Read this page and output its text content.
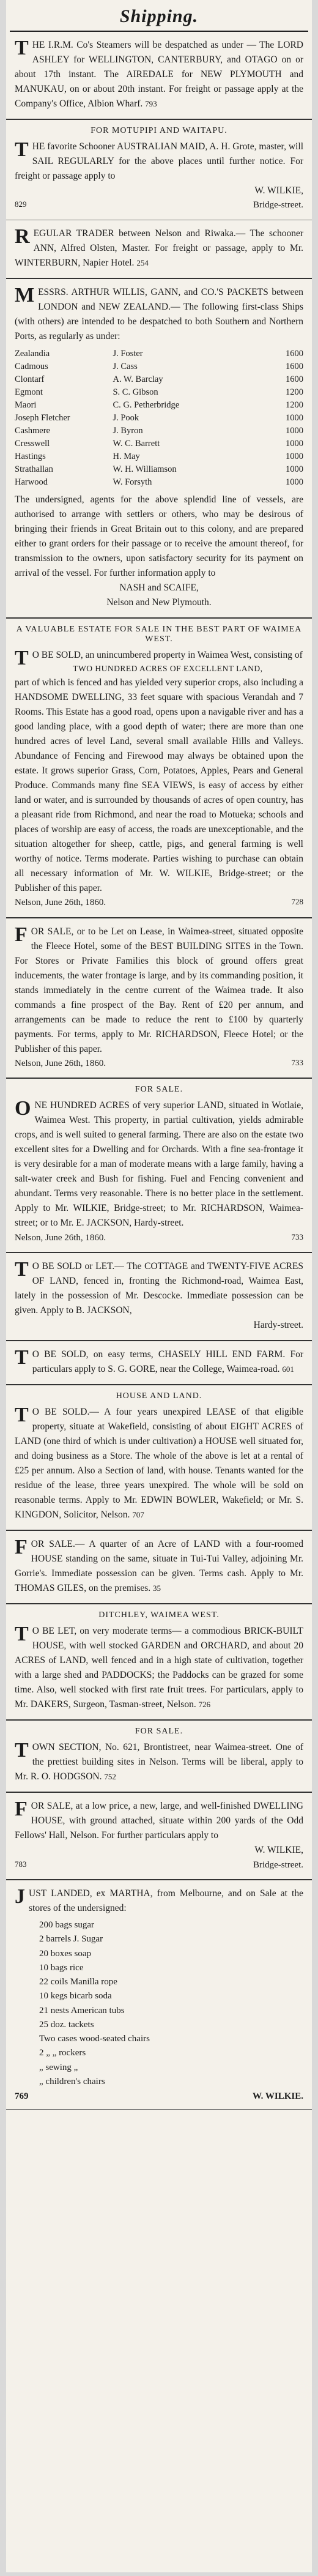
Shipping.

THE I.R.M. Co's Steamers will be despatched as under — The LORD ASHLEY for WELLINGTON, CANTERBURY, and OTAGO on or about 17th instant. The AIREDALE for NEW PLYMOUTH and MANUKAU, on or about 20th instant. For freight or passage apply at the Company's Office, Albion Wharf. 793

FOR MOTUPIPI AND WAITAPU.

THE favorite Schooner AUSTRALIAN MAID, A. H. Grote, master, will SAIL REGULARLY for the above places until further notice. For freight or passage apply to

W. WILKIE,

829	Bridge-street.

REGULAR TRADER between Nelson and Riwaka.— The schooner ANN, Alfred Olsten, Master. For freight or passage, apply to Mr. WINTERBURN, Napier Hotel. 254

MESSRS. ARTHUR WILLIS, GANN, and CO.'S PACKETS between LONDON and NEW ZEALAND.— The following first-class Ships (with others) are intended to be despatched to both Southern and Northern Ports, as regularly as under:

Zealandia	J. Foster	1600
Cadmous	J. Cass	1600
Clontarf	A. W. Barclay	1600
Egmont	S. C. Gibson	1200
Maori	C. G. Petherbridge	1200
Joseph Fletcher	J. Pook	1000
Cashmere	J. Byron	1000
Cresswell	W. C. Barrett	1000
Hastings	H. May	1000
Strathallan	W. H. Williamson	1000
Harwood	W. Forsyth	1000

The undersigned, agents for the above splendid line of vessels, are authorised to arrange with settlers or others, who may be desirous of bringing their friends in Great Britain out to this colony, and are prepared either to grant orders for their passage or to receive the amount thereof, for transmission to the owners, upon satisfactory security for its payment on arrival of the vessel. For further information apply to

NASH and SCAIFE,

Nelson and New Plymouth.

A VALUABLE ESTATE FOR SALE IN THE BEST PART OF WAIMEA WEST.

T O BE SOLD, an unincumbered property in Waimea West, consisting of

TWO HUNDRED ACRES OF EXCELLENT LAND,

part of which is fenced and has yielded very superior crops, also including a HANDSOME DWELLING, 33 feet square with spacious Verandah and 7 Rooms. This Estate has a good road, opens upon a navigable river and has a good landing place, with a good depth of water; there are more than one hundred acres of level Land, several small available Hills and Valleys. Abundance of Fencing and Firewood may always be obtained upon the estate. It grows superior Grass, Corn, Potatoes, Apples, Pears and General Produce. Commands many fine SEA VIEWS, is easy of access by either land or water, and is surrounded by thousands of acres of open country, has a pleasant ride from Richmond, and near the road to Motueka; schools and places of worship are easy of access, the roads are unexceptionable, and the situation altogether for sheep, cattle, pigs, and general farming is well worthy of notice. Terms moderate. Parties wishing to purchase can obtain all necessary information of Mr. W. WILKIE, Bridge-street; or the Publisher of this paper.

Nelson, June 26th, 1860.	728

FOR SALE, or to be Let on Lease, in Waimea-street, situated opposite the Fleece Hotel, some of the BEST BUILDING SITES in the Town. For Stores or Private Families this block of ground offers great inducements, the water frontage is large, and by its commanding position, it stands immediately in the centre current of the Waimea trade. It also commands a fine prospect of the Bay. Rent of £20 per annum, and arrangements can be made to reduce the rent to £100 by quarterly payments. For terms, apply to Mr. RICHARDSON, Fleece Hotel; or the Publisher of this paper.

Nelson, June 26th, 1860.	733
FOR SALE.

ONE HUNDRED ACRES of very superior LAND, situated in Wotlaie, Waimea West. This property, in partial cultivation, yields admirable crops, and is well suited to general farming. There are also on the estate two excellent sites for a Dwelling and for Orchards. With a fine sea-frontage it is very desirable for a man of moderate means with a large family, having a salt-water creek and Bush for fishing. Fuel and Fencing convenient and abundant. Terms very reasonable. There is no better place in the settlement. Apply to Mr. WILKIE, Bridge-street; to Mr. RICHARDSON, Waimea-street; or to Mr. E. JACKSON, Hardy-street.

Nelson, June 26th, 1860.	733

T O BE SOLD or LET.— The COTTAGE and TWENTY-FIVE ACRES OF LAND, fenced in, fronting the Richmond-road, Waimea East, lately in the possession of Mr. Descocke. Immediate possession can be given. Apply to B. JACKSON,

Hardy-street.

T O BE SOLD, on easy terms, CHASELY HILL END FARM. For particulars apply to S. G. GORE, near the College, Waimea-road. 601

HOUSE AND LAND.

T O BE SOLD.— A four years unexpired LEASE of that eligible property, situate at Wakefield, consisting of about EIGHT ACRES of LAND (one third of which is under cultivation) a HOUSE well situated for, and doing business as a Store. The whole of the above is let at a rental of £25 per annum. Also a Section of land, with house. Tenants wanted for the residue of the lease, three years unexpired. The whole will be sold on reasonable terms. Apply to Mr. EDWIN BOWLER, Wakefield; or Mr. S. KINGDON, Solicitor, Nelson. 707

FOR SALE.— A quarter of an Acre of LAND with a four-roomed HOUSE standing on the same, situate in Tui-Tui Valley, adjoining Mr. Gorrie's. Immediate possession can be given. Terms cash. Apply to Mr. THOMAS GILES, on the premises. 35

DITCHLEY, WAIMEA WEST.

T O BE LET, on very moderate terms— a commodious BRICK-BUILT HOUSE, with well stocked GARDEN and ORCHARD, and about 20 ACRES of LAND, well fenced and in a high state of cultivation, together with a large shed and PADDOCKS; the Paddocks can be grazed for some time. Also, well stocked with first rate fruit trees. For particulars, apply to Mr. DAKERS, Surgeon, Tasman-street, Nelson. 726

FOR SALE.

TOWN SECTION, No. 621, Brontistreet, near Waimea-street. One of the prettiest building sites in Nelson. Terms will be liberal, apply to Mr. R. O. HODGSON. 752

FOR SALE, at a low price, a new, large, and well-finished DWELLING HOUSE, with ground attached, situate within 200 yards of the Odd Fellows' Hall, Nelson. For further particulars apply to

W. WILKIE,

783	Bridge-street.

JUST LANDED, ex MARTHA, from Melbourne, and on Sale at the stores of the undersigned:

200 bags sugar
2 barrels J. Sugar
20 boxes soap
10 bags rice
22 coils Manilla rope
10 kegs bicarb soda
21 nests American tubs
25 doz. tackets
Two cases wood-seated chairs
2 „ „ rockers
„ sewing „
„ children's chairs
769	W. WILKIE.
